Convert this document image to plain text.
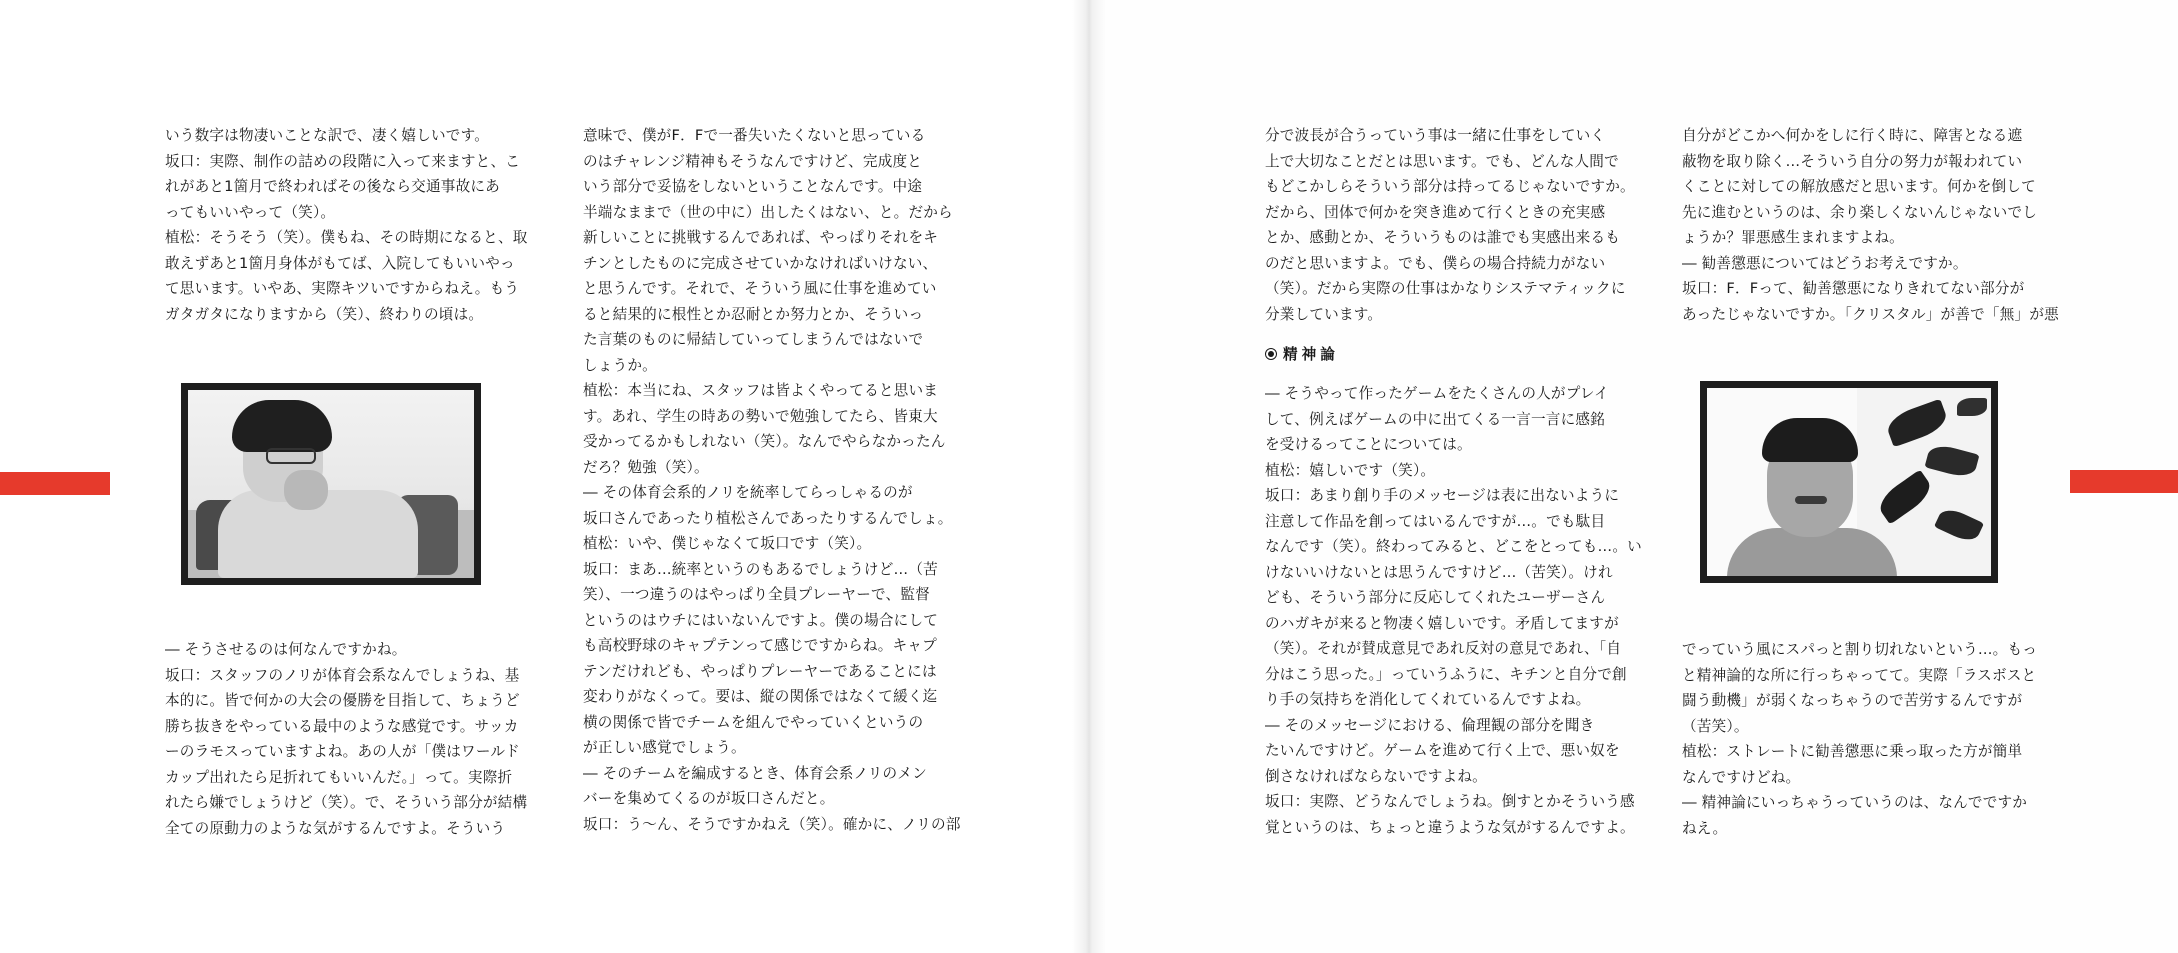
いう数字は物凄いことな訳で、凄く嬉しいです。

坂口：実際、制作の詰めの段階に入って来ますと、こ

れがあと1箇月で終わればその後なら交通事故にあ

ってもいいやって（笑）。

植松：そうそう（笑）。僕もね、その時期になると、取

敢えずあと1箇月身体がもてば、入院してもいいやっ

て思います。いやあ、実際キツいですからねえ。もう

ガタガタになりますから（笑）、終わりの頃は。

― そうさせるのは何なんですかね。

坂口：スタッフのノリが体育会系なんでしょうね、基

本的に。皆で何かの大会の優勝を目指して、ちょうど

勝ち抜きをやっている最中のような感覚です。サッカ

ーのラモスっていますよね。あの人が「僕はワールド

カップ出れたら足折れてもいいんだ。」って。実際折

れたら嫌でしょうけど（笑）。で、そういう部分が結構

全ての原動力のような気がするんですよ。そういう

意味で、僕がF．Fで一番失いたくないと思っている

のはチャレンジ精神もそうなんですけど、完成度と

いう部分で妥協をしないということなんです。中途

半端なままで（世の中に）出したくはない、と。だから

新しいことに挑戦するんであれば、やっぱりそれをキ

チンとしたものに完成させていかなければいけない、

と思うんです。それで、そういう風に仕事を進めてい

ると結果的に根性とか忍耐とか努力とか、そういっ

た言葉のものに帰結していってしまうんではないで

しょうか。

植松：本当にね、スタッフは皆よくやってると思いま

す。あれ、学生の時あの勢いで勉強してたら、皆東大

受かってるかもしれない（笑）。なんでやらなかったん

だろ？勉強（笑）。

― その体育会系的ノリを統率してらっしゃるのが

坂口さんであったり植松さんであったりするんでしょ。

植松：いや、僕じゃなくて坂口です（笑）。

坂口：まあ…統率というのもあるでしょうけど…（苦

笑）、一つ違うのはやっぱり全員プレーヤーで、監督

というのはウチにはいないんですよ。僕の場合にして

も高校野球のキャプテンって感じですからね。キャプ

テンだけれども、やっぱりプレーヤーであることには

変わりがなくって。要は、縦の関係ではなくて緩く迄

横の関係で皆でチームを組んでやっていくというの

が正しい感覚でしょう。

― そのチームを編成するとき、体育会系ノリのメン

バーを集めてくるのが坂口さんだと。

坂口：う〜ん、そうですかねえ（笑）。確かに、ノリの部

分で波長が合うっていう事は一緒に仕事をしていく

上で大切なことだとは思います。でも、どんな人間で

もどこかしらそういう部分は持ってるじゃないですか。

だから、団体で何かを突き進めて行くときの充実感

とか、感動とか、そういうものは誰でも実感出来るも

のだと思いますよ。でも、僕らの場合持続力がない

（笑）。だから実際の仕事はかなりシステマティックに

分業しています。

精神論

― そうやって作ったゲームをたくさんの人がプレイ

して、例えばゲームの中に出てくる一言一言に感銘

を受けるってことについては。

植松：嬉しいです（笑）。

坂口：あまり創り手のメッセージは表に出ないように

注意して作品を創ってはいるんですが…。でも駄目

なんです（笑）。終わってみると、どこをとっても…。い

けないいけないとは思うんですけど…（苦笑）。けれ

ども、そういう部分に反応してくれたユーザーさん

のハガキが来ると物凄く嬉しいです。矛盾してますが

（笑）。それが賛成意見であれ反対の意見であれ、「自

分はこう思った。」っていうふうに、キチンと自分で創

り手の気持ちを消化してくれているんですよね。

― そのメッセージにおける、倫理観の部分を聞き

たいんですけど。ゲームを進めて行く上で、悪い奴を

倒さなければならないですよね。

坂口：実際、どうなんでしょうね。倒すとかそういう感

覚というのは、ちょっと違うような気がするんですよ。

自分がどこかへ何かをしに行く時に、障害となる遮

蔽物を取り除く…そういう自分の努力が報われてい

くことに対しての解放感だと思います。何かを倒して

先に進むというのは、余り楽しくないんじゃないでし

ょうか？罪悪感生まれますよね。

― 勧善懲悪についてはどうお考えですか。

坂口：F．Fって、勧善懲悪になりきれてない部分が

あったじゃないですか。「クリスタル」が善で「無」が悪

でっていう風にスパっと割り切れないという…。もっ

と精神論的な所に行っちゃってて。実際「ラスボスと

闘う動機」が弱くなっちゃうので苦労するんですが

（苦笑）。

植松：ストレートに勧善懲悪に乗っ取った方が簡単

なんですけどね。

― 精神論にいっちゃうっていうのは、なんでですか

ねえ。
